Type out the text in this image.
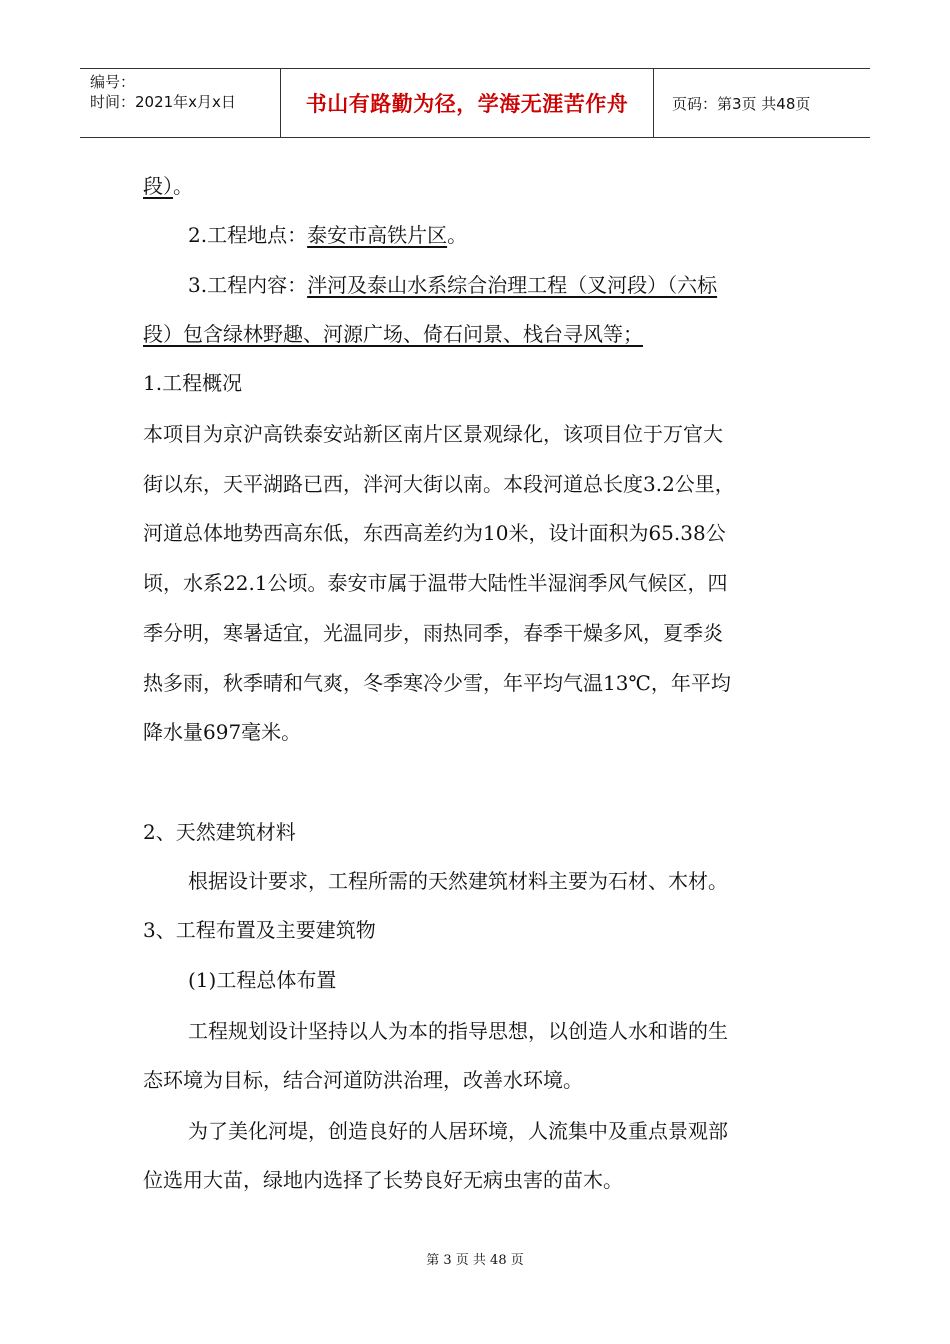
编号：
时间：2021年x月x日	书山有路勤为径，学海无涯苦作舟	页码：第3页 共48页
段）。
2.工程地点：泰安市高铁片区。
3.工程内容：泮河及泰山水系综合治理工程（叉河段）（六标
段）包含绿林野趣、河源广场、倚石问景、栈台寻风等；
1.工程概况
本项目为京沪高铁泰安站新区南片区景观绿化，该项目位于万官大
街以东，天平湖路已西，泮河大街以南。本段河道总长度3.2公里，
河道总体地势西高东低，东西高差约为10米，设计面积为65.38公
顷，水系22.1公顷。泰安市属于温带大陆性半湿润季风气候区，四
季分明，寒暑适宜，光温同步，雨热同季，春季干燥多风，夏季炎
热多雨，秋季晴和气爽，冬季寒冷少雪，年平均气温13℃，年平均
降水量697毫米。
2、天然建筑材料
根据设计要求，工程所需的天然建筑材料主要为石材、木材。
3、工程布置及主要建筑物
(1)工程总体布置
工程规划设计坚持以人为本的指导思想，以创造人水和谐的生
态环境为目标，结合河道防洪治理，改善水环境。
为了美化河堤，创造良好的人居环境，人流集中及重点景观部
位选用大苗，绿地内选择了长势良好无病虫害的苗木。
第 3 页 共 48 页
